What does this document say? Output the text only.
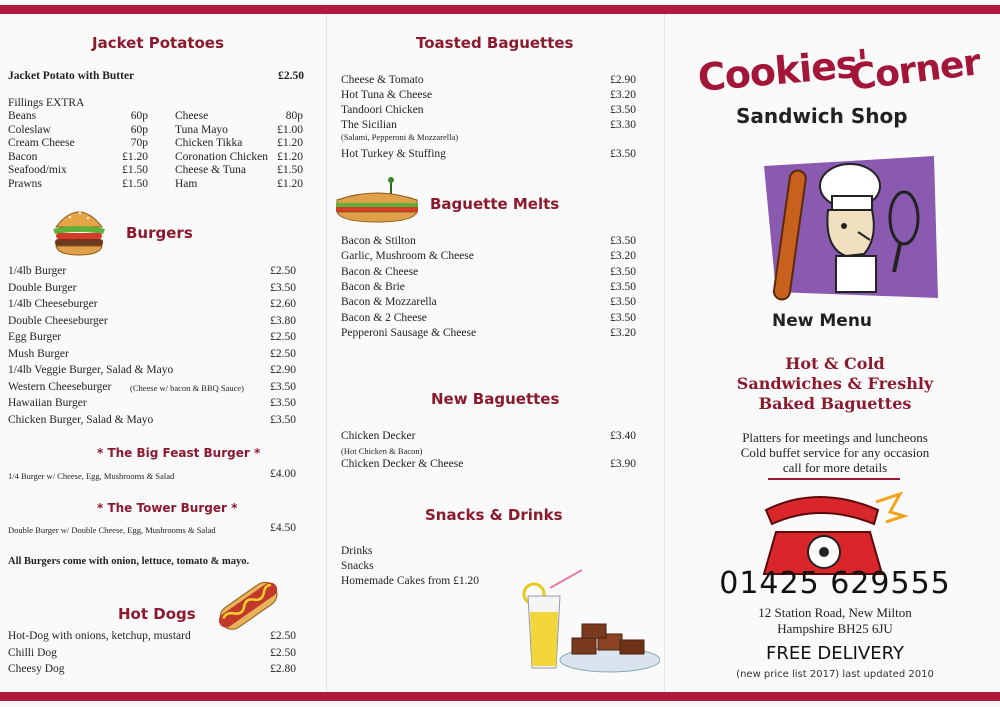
Jacket Potatoes
Jacket Potato with Butter	£2.50
Fillings EXTRA
Beans	60p
Coleslaw	60p
Cream Cheese	70p
Bacon	£1.20
Seafood/mix	£1.50
Prawns	£1.50
Cheese	80p
Tuna Mayo	£1.00
Chicken Tikka	£1.20
Coronation Chicken £1.20
Cheese & Tuna	£1.50
Ham	£1.20
Burgers
1/4lb Burger	£2.50
Double Burger	£3.50
1/4lb Cheeseburger	£2.60
Double Cheeseburger	£3.80
Egg Burger	£2.50
Mush Burger	£2.50
1/4lb Veggie Burger, Salad & Mayo	£2.90
Western Cheeseburger (Cheese w/ bacon & BBQ Sauce) £3.50
Hawaiian Burger	£3.50
Chicken Burger, Salad & Mayo	£3.50
* The Big Feast Burger *
1/4 Burger w/ Cheese, Egg, Mushrooms & Salad	£4.00
* The Tower Burger *
Double Burger w/ Double Cheese, Egg, Mushrooms & Salad	£4.50
All Burgers come with onion, lettuce, tomato & mayo.
Hot Dogs
Hot-Dog with onions, ketchup, mustard	£2.50
Chilli Dog	£2.50
Cheesy Dog	£2.80
Toasted Baguettes
Cheese & Tomato	£2.90
Hot Tuna & Cheese	£3.20
Tandoori Chicken	£3.50
The Sicilian	£3.30
Hot Turkey & Stuffing	£3.50
(Salami, Pepperoni & Mozzarella)
Baguette Melts
Bacon & Stilton	£3.50
Garlic, Mushroom & Cheese	£3.20
Bacon & Cheese	£3.50
Bacon & Brie	£3.50
Bacon & Mozzarella	£3.50
Bacon & 2 Cheese	£3.50
Pepperoni Sausage & Cheese	£3.20
New Baguettes
Chicken Decker	£3.40
Chicken Decker & Cheese	£3.90
(Hot Chicken & Bacon)
Snacks & Drinks
Drinks
Snacks
Homemade Cakes from £1.20
Cookies'
Corner
Sandwich Shop
New Menu
Hot & Cold
Sandwiches & Freshly
Baked Baguettes
Platters for meetings and luncheons
Cold buffet service for any occasion
call for more details
01425 629555
12 Station Road, New Milton
Hampshire BH25 6JU
FREE DELIVERY
(new price list 2017) last updated 2010
